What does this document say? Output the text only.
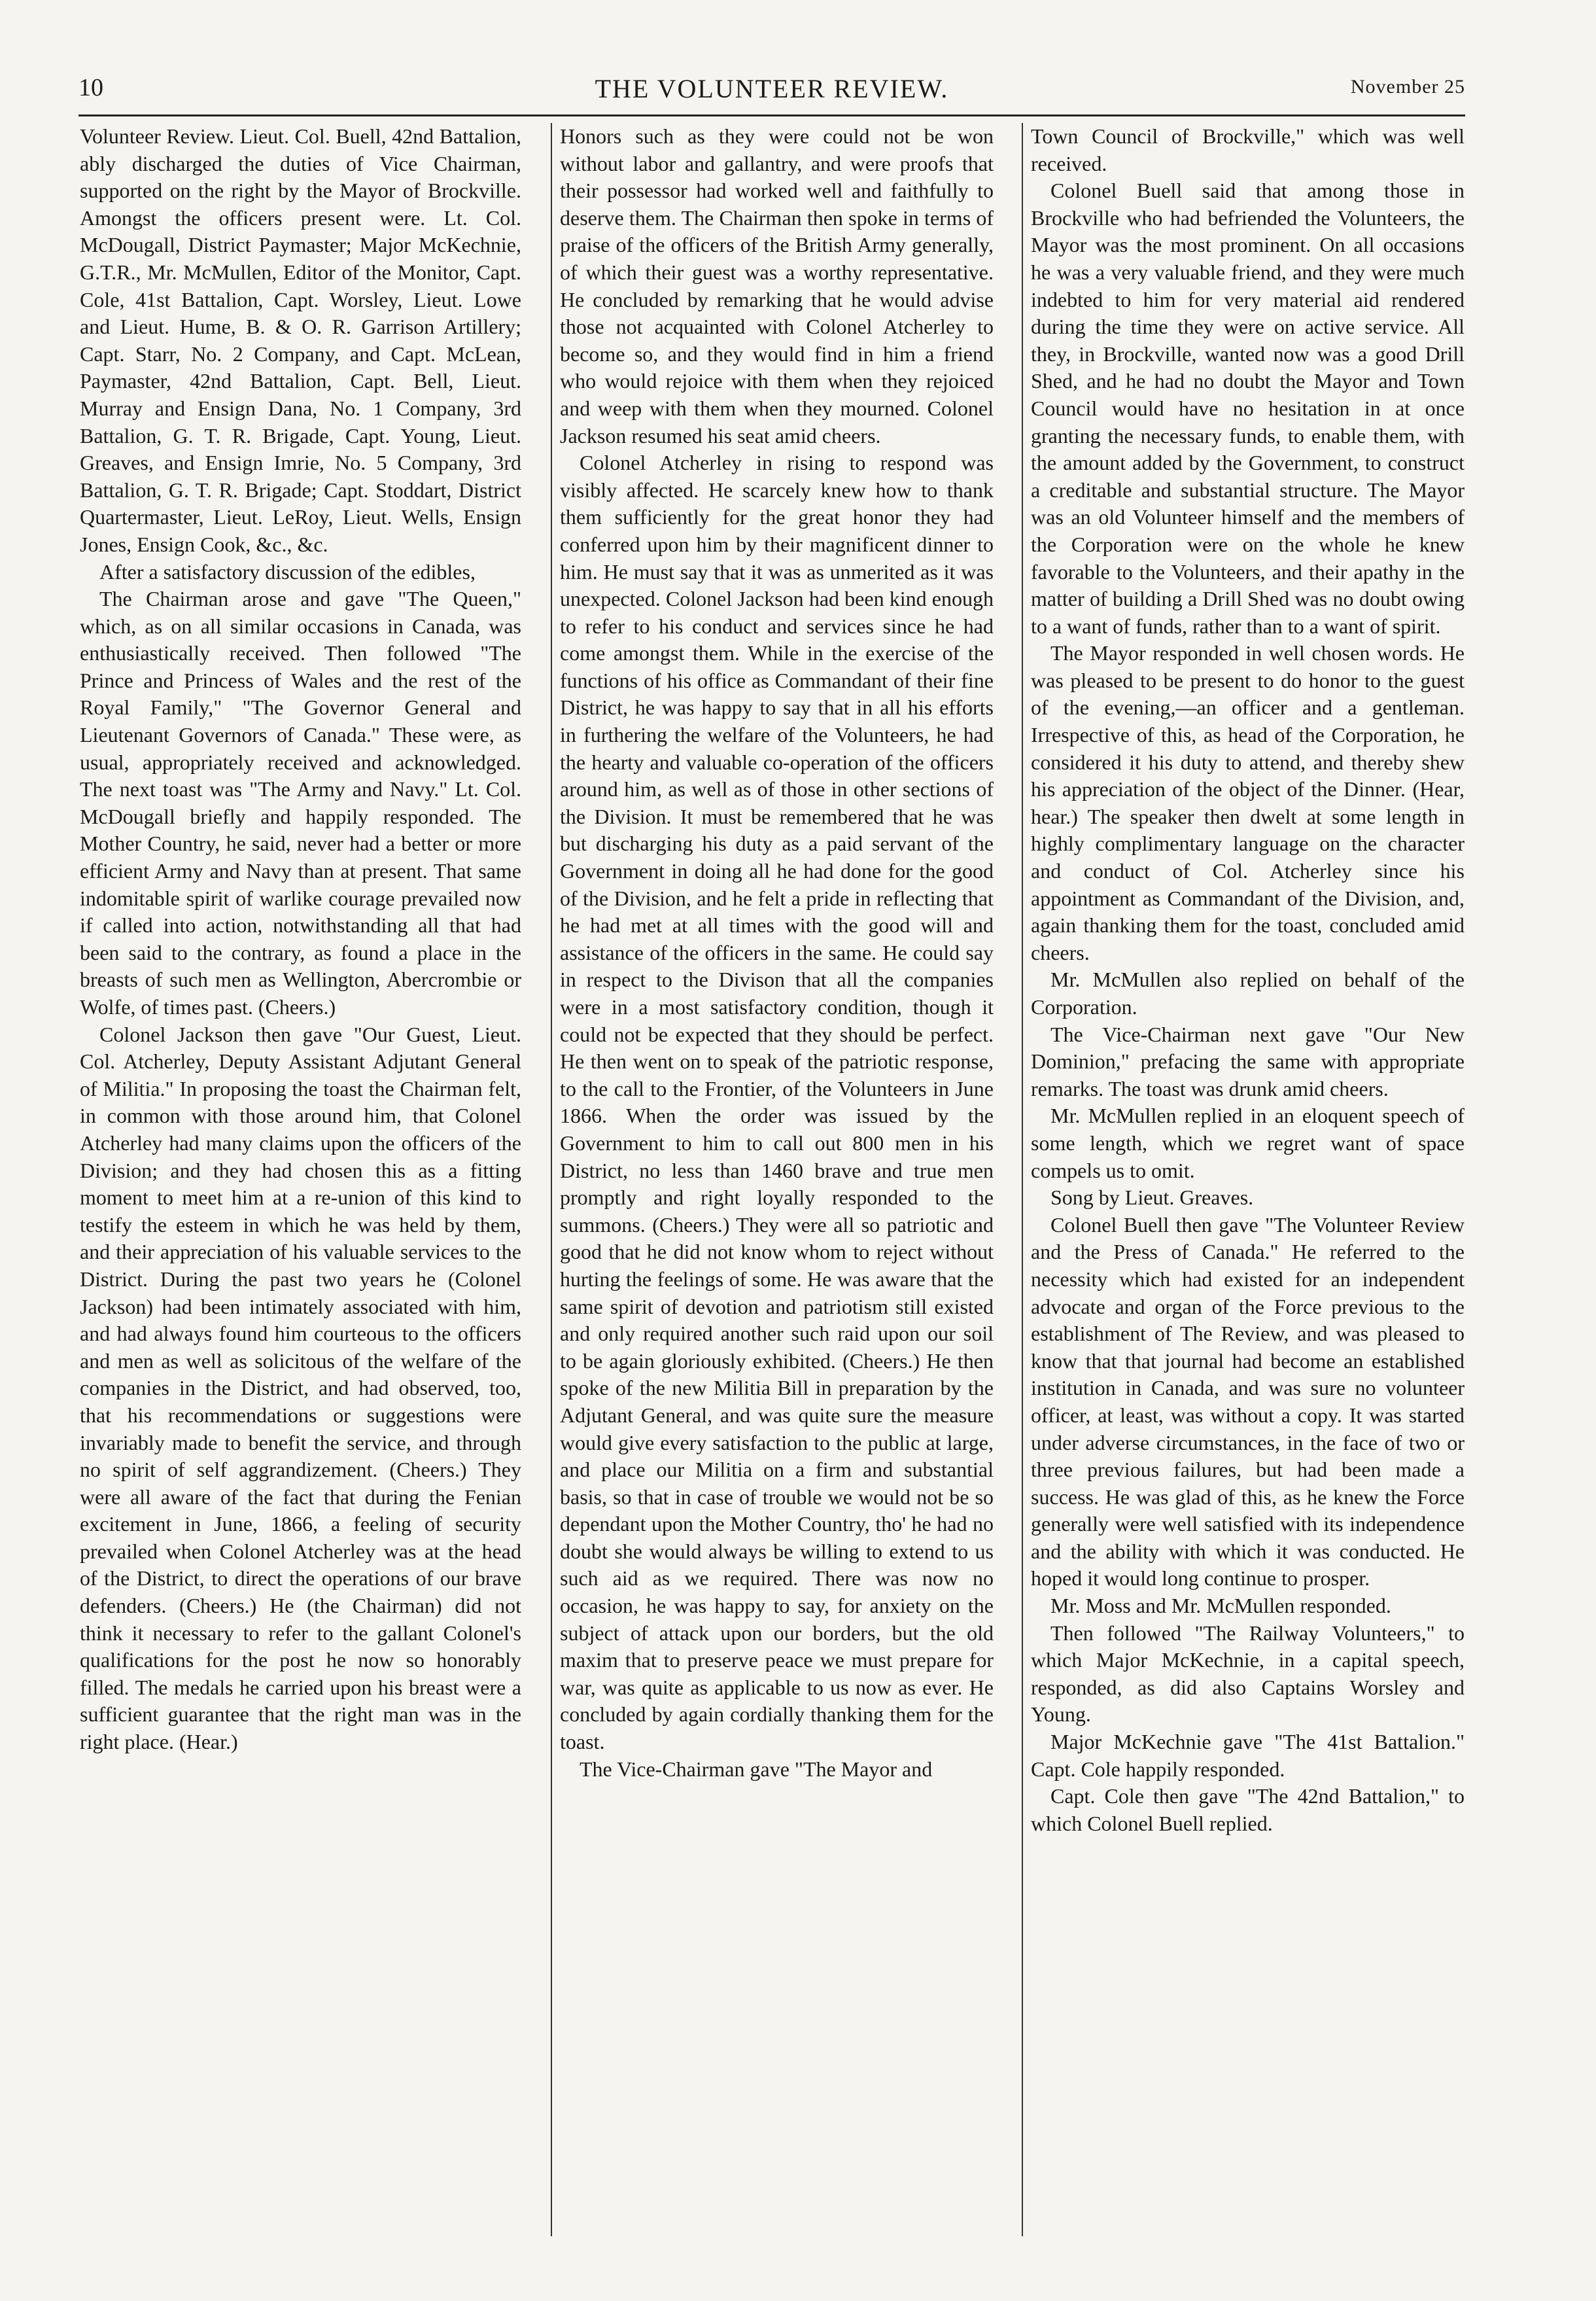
10	THE VOLUNTEER REVIEW.	November 25

Volunteer Review. Lieut. Col. Buell, 42nd Battalion, ably discharged the duties of Vice Chairman, supported on the right by the Mayor of Brockville. Amongst the officers present were. Lt. Col. McDougall, District Paymaster; Major McKechnie, G.T.R., Mr. McMullen, Editor of the Monitor, Capt. Cole, 41st Battalion, Capt. Worsley, Lieut. Lowe and Lieut. Hume, B. & O. R. Garrison Artillery; Capt. Starr, No. 2 Company, and Capt. McLean, Paymaster, 42nd Battalion, Capt. Bell, Lieut. Murray and Ensign Dana, No. 1 Company, 3rd Battalion, G. T. R. Brigade, Capt. Young, Lieut. Greaves, and Ensign Imrie, No. 5 Company, 3rd Battalion, G. T. R. Brigade; Capt. Stoddart, District Quartermaster, Lieut. LeRoy, Lieut. Wells, Ensign Jones, Ensign Cook, &c., &c.

After a satisfactory discussion of the edibles,

The Chairman arose and gave "The Queen," which, as on all similar occasions in Canada, was enthusiastically received. Then followed "The Prince and Princess of Wales and the rest of the Royal Family," "The Governor General and Lieutenant Governors of Canada." These were, as usual, appropriately received and acknowledged. The next toast was "The Army and Navy." Lt. Col. McDougall briefly and happily responded. The Mother Country, he said, never had a better or more efficient Army and Navy than at present. That same indomitable spirit of warlike courage prevailed now if called into action, notwithstanding all that had been said to the contrary, as found a place in the breasts of such men as Wellington, Abercrombie or Wolfe, of times past. (Cheers.)

Colonel Jackson then gave "Our Guest, Lieut. Col. Atcherley, Deputy Assistant Adjutant General of Militia." In proposing the toast the Chairman felt, in common with those around him, that Colonel Atcherley had many claims upon the officers of the Division; and they had chosen this as a fitting moment to meet him at a re-union of this kind to testify the esteem in which he was held by them, and their appreciation of his valuable services to the District. During the past two years he (Colonel Jackson) had been intimately associated with him, and had always found him courteous to the officers and men as well as solicitous of the welfare of the companies in the District, and had observed, too, that his recommendations or suggestions were invariably made to benefit the service, and through no spirit of self aggrandizement. (Cheers.) They were all aware of the fact that during the Fenian excitement in June, 1866, a feeling of security prevailed when Colonel Atcherley was at the head of the District, to direct the operations of our brave defenders. (Cheers.) He (the Chairman) did not think it necessary to refer to the gallant Colonel's qualifications for the post he now so honorably filled. The medals he carried upon his breast were a sufficient guarantee that the right man was in the right place. (Hear.)

Honors such as they were could not be won without labor and gallantry, and were proofs that their possessor had worked well and faithfully to deserve them. The Chairman then spoke in terms of praise of the officers of the British Army generally, of which their guest was a worthy representative. He concluded by remarking that he would advise those not acquainted with Colonel Atcherley to become so, and they would find in him a friend who would rejoice with them when they rejoiced and weep with them when they mourned. Colonel Jackson resumed his seat amid cheers.

Colonel Atcherley in rising to respond was visibly affected. He scarcely knew how to thank them sufficiently for the great honor they had conferred upon him by their magnificent dinner to him. He must say that it was as unmerited as it was unexpected. Colonel Jackson had been kind enough to refer to his conduct and services since he had come amongst them. While in the exercise of the functions of his office as Commandant of their fine District, he was happy to say that in all his efforts in furthering the welfare of the Volunteers, he had the hearty and valuable co-operation of the officers around him, as well as of those in other sections of the Division. It must be remembered that he was but discharging his duty as a paid servant of the Government in doing all he had done for the good of the Division, and he felt a pride in reflecting that he had met at all times with the good will and assistance of the officers in the same. He could say in respect to the Divison that all the companies were in a most satisfactory condition, though it could not be expected that they should be perfect. He then went on to speak of the patriotic response, to the call to the Frontier, of the Volunteers in June 1866. When the order was issued by the Government to him to call out 800 men in his District, no less than 1460 brave and true men promptly and right loyally responded to the summons. (Cheers.) They were all so patriotic and good that he did not know whom to reject without hurting the feelings of some. He was aware that the same spirit of devotion and patriotism still existed and only required another such raid upon our soil to be again gloriously exhibited. (Cheers.) He then spoke of the new Militia Bill in preparation by the Adjutant General, and was quite sure the measure would give every satisfaction to the public at large, and place our Militia on a firm and substantial basis, so that in case of trouble we would not be so dependant upon the Mother Country, tho' he had no doubt she would always be willing to extend to us such aid as we required. There was now no occasion, he was happy to say, for anxiety on the subject of attack upon our borders, but the old maxim that to preserve peace we must prepare for war, was quite as applicable to us now as ever. He concluded by again cordially thanking them for the toast.

The Vice-Chairman gave "The Mayor and

Town Council of Brockville," which was well received.

Colonel Buell said that among those in Brockville who had befriended the Volunteers, the Mayor was the most prominent. On all occasions he was a very valuable friend, and they were much indebted to him for very material aid rendered during the time they were on active service. All they, in Brockville, wanted now was a good Drill Shed, and he had no doubt the Mayor and Town Council would have no hesitation in at once granting the necessary funds, to enable them, with the amount added by the Government, to construct a creditable and substantial structure. The Mayor was an old Volunteer himself and the members of the Corporation were on the whole he knew favorable to the Volunteers, and their apathy in the matter of building a Drill Shed was no doubt owing to a want of funds, rather than to a want of spirit.

The Mayor responded in well chosen words. He was pleased to be present to do honor to the guest of the evening,—an officer and a gentleman. Irrespective of this, as head of the Corporation, he considered it his duty to attend, and thereby shew his appreciation of the object of the Dinner. (Hear, hear.) The speaker then dwelt at some length in highly complimentary language on the character and conduct of Col. Atcherley since his appointment as Commandant of the Division, and, again thanking them for the toast, concluded amid cheers.

Mr. McMullen also replied on behalf of the Corporation.

The Vice-Chairman next gave "Our New Dominion," prefacing the same with appropriate remarks. The toast was drunk amid cheers.

Mr. McMullen replied in an eloquent speech of some length, which we regret want of space compels us to omit.

Song by Lieut. Greaves.

Colonel Buell then gave "The Volunteer Review and the Press of Canada." He referred to the necessity which had existed for an independent advocate and organ of the Force previous to the establishment of The Review, and was pleased to know that that journal had become an established institution in Canada, and was sure no volunteer officer, at least, was without a copy. It was started under adverse circumstances, in the face of two or three previous failures, but had been made a success. He was glad of this, as he knew the Force generally were well satisfied with its independence and the ability with which it was conducted. He hoped it would long continue to prosper.

Mr. Moss and Mr. McMullen responded.

Then followed "The Railway Volunteers," to which Major McKechnie, in a capital speech, responded, as did also Captains Worsley and Young.

Major McKechnie gave "The 41st Battalion." Capt. Cole happily responded.

Capt. Cole then gave "The 42nd Battalion," to which Colonel Buell replied.
